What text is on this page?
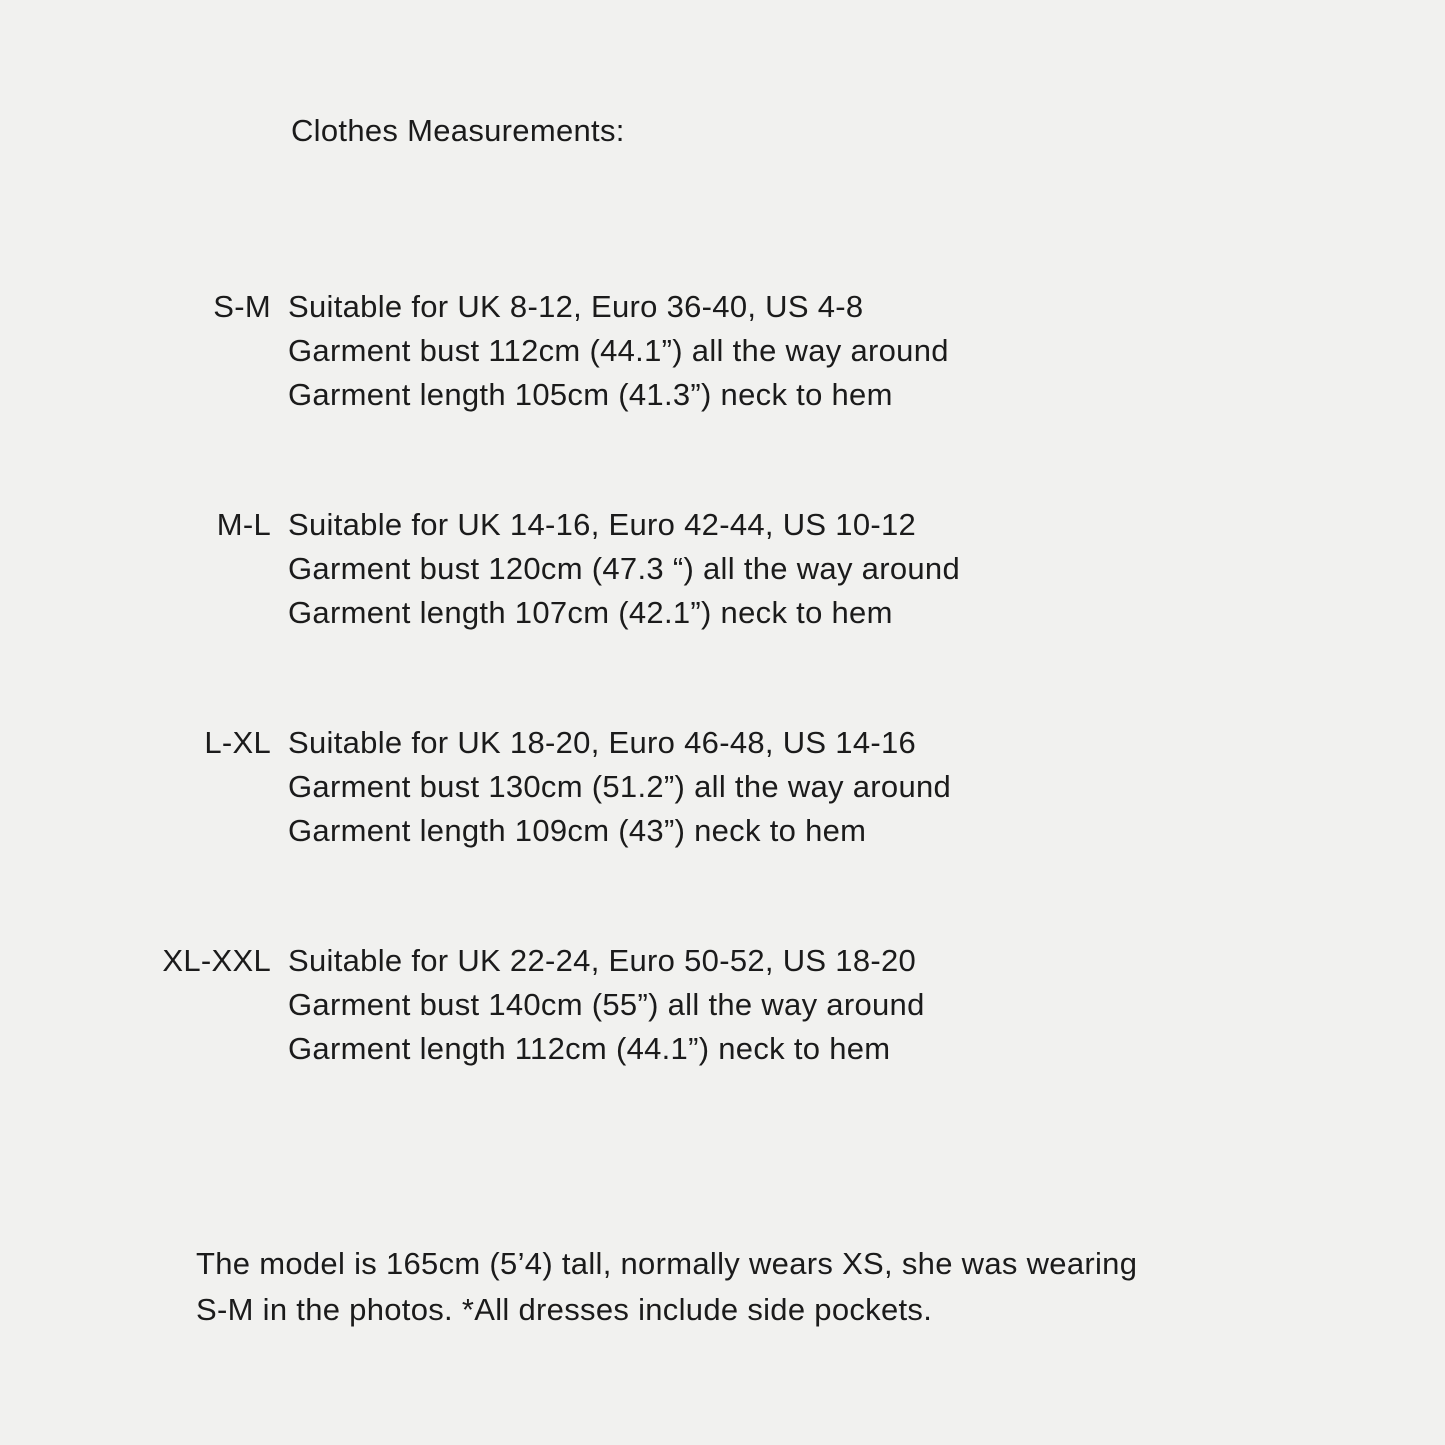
Clothes Measurements:
S-M Suitable for UK 8-12, Euro 36-40, US 4-8
Garment bust 112cm (44.1”) all the way around
Garment length 105cm (41.3”) neck to hem
M-L Suitable for UK 14-16, Euro 42-44, US 10-12
Garment bust 120cm (47.3 “) all the way around
Garment length 107cm (42.1”) neck to hem
L-XL Suitable for UK 18-20, Euro 46-48, US 14-16
Garment bust 130cm (51.2”) all the way around
Garment length 109cm (43”) neck to hem
XL-XXL Suitable for UK 22-24, Euro 50-52, US 18-20
Garment bust 140cm (55”) all the way around
Garment length 112cm (44.1”) neck to hem
The model is 165cm (5’4) tall, normally wears XS, she was wearing
S-M in the photos. *All dresses include side pockets.
